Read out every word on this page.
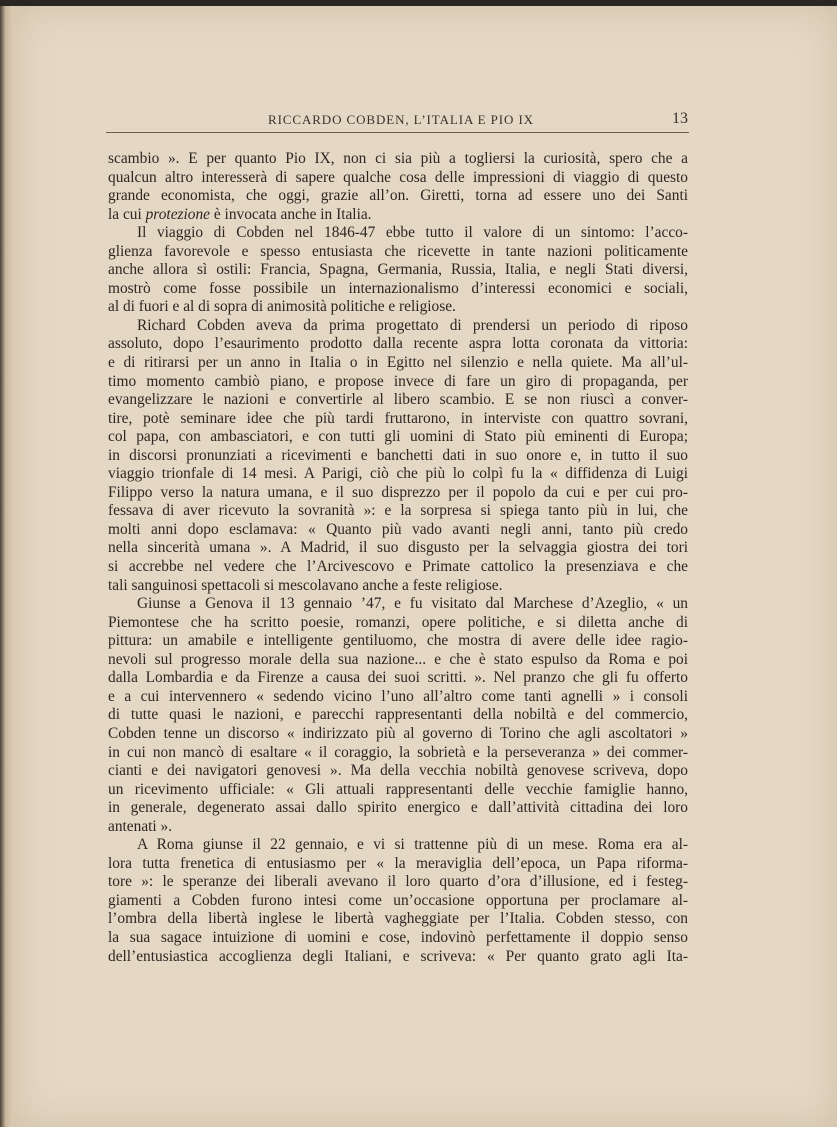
RICCARDO COBDEN, L’ITALIA E PIO IX	13
scambio ». E per quanto Pio IX, non ci sia più a togliersi la curiosità, spero che a
qualcun altro interesserà di sapere qualche cosa delle impressioni di viaggio di questo
grande economista, che oggi, grazie all’on. Giretti, torna ad essere uno dei Santi
la cui protezione è invocata anche in Italia.
Il viaggio di Cobden nel 1846-47 ebbe tutto il valore di un sintomo: l’acco-
glienza favorevole e spesso entusiasta che ricevette in tante nazioni politicamente
anche allora sì ostili: Francia, Spagna, Germania, Russia, Italia, e negli Stati diversi,
mostrò come fosse possibile un internazionalismo d’interessi economici e sociali,
al di fuori e al di sopra di animosità politiche e religiose.
Richard Cobden aveva da prima progettato di prendersi un periodo di riposo
assoluto, dopo l’esaurimento prodotto dalla recente aspra lotta coronata da vittoria:
e di ritirarsi per un anno in Italia o in Egitto nel silenzio e nella quiete. Ma all’ul-
timo momento cambiò piano, e propose invece di fare un giro di propaganda, per
evangelizzare le nazioni e convertirle al libero scambio. E se non riuscì a conver-
tire, potè seminare idee che più tardi fruttarono, in interviste con quattro sovrani,
col papa, con ambasciatori, e con tutti gli uomini di Stato più eminenti di Europa;
in discorsi pronunziati a ricevimenti e banchetti dati in suo onore e, in tutto il suo
viaggio trionfale di 14 mesi. A Parigi, ciò che più lo colpì fu la « diffidenza di Luigi
Filippo verso la natura umana, e il suo disprezzo per il popolo da cui e per cui pro-
fessava di aver ricevuto la sovranità »: e la sorpresa si spiega tanto più in lui, che
molti anni dopo esclamava: « Quanto più vado avanti negli anni, tanto più credo
nella sincerità umana ». A Madrid, il suo disgusto per la selvaggia giostra dei tori
si accrebbe nel vedere che l’Arcivescovo e Primate cattolico la presenziava e che
tali sanguinosi spettacoli si mescolavano anche a feste religiose.
Giunse a Genova il 13 gennaio ’47, e fu visitato dal Marchese d’Azeglio, « un
Piemontese che ha scritto poesie, romanzi, opere politiche, e si diletta anche di
pittura: un amabile e intelligente gentiluomo, che mostra di avere delle idee ragio-
nevoli sul progresso morale della sua nazione... e che è stato espulso da Roma e poi
dalla Lombardia e da Firenze a causa dei suoi scritti. ». Nel pranzo che gli fu offerto
e a cui intervennero « sedendo vicino l’uno all’altro come tanti agnelli » i consoli
di tutte quasi le nazioni, e parecchi rappresentanti della nobiltà e del commercio,
Cobden tenne un discorso « indirizzato più al governo di Torino che agli ascoltatori »
in cui non mancò di esaltare « il coraggio, la sobrietà e la perseveranza » dei commer-
cianti e dei navigatori genovesi ». Ma della vecchia nobiltà genovese scriveva, dopo
un ricevimento ufficiale: « Gli attuali rappresentanti delle vecchie famiglie hanno,
in generale, degenerato assai dallo spirito energico e dall’attività cittadina dei loro
antenati ».
A Roma giunse il 22 gennaio, e vi si trattenne più di un mese. Roma era al-
lora tutta frenetica di entusiasmo per « la meraviglia dell’epoca, un Papa riforma-
tore »: le speranze dei liberali avevano il loro quarto d’ora d’illusione, ed i festeg-
giamenti a Cobden furono intesi come un’occasione opportuna per proclamare al-
l’ombra della libertà inglese le libertà vagheggiate per l’Italia. Cobden stesso, con
la sua sagace intuizione di uomini e cose, indovinò perfettamente il doppio senso
dell’entusiastica accoglienza degli Italiani, e scriveva: « Per quanto grato agli Ita-
